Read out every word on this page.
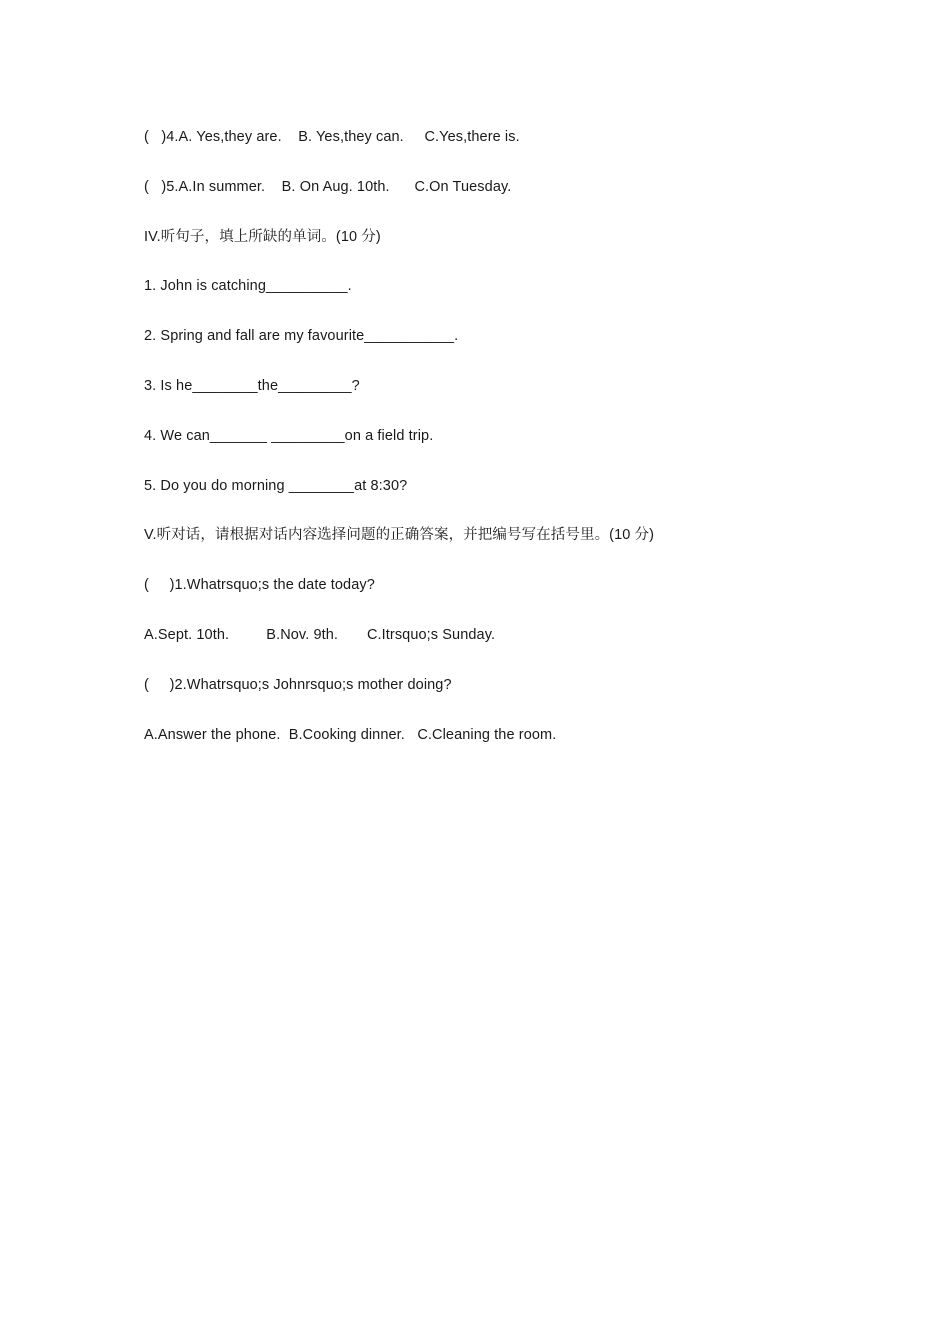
(   )4.A. Yes,they are.    B. Yes,they can.     C.Yes,there is.
(   )5.A.In summer.    B. On Aug. 10th.      C.On Tuesday.
IV.听句子，填上所缺的单词。(10 分)
1. John is catching__________.
2. Spring and fall are my favourite___________.
3. Is he________the_________?
4. We can_______ _________on a field trip.
5. Do you do morning ________at 8:30?
V.听对话，请根据对话内容选择问题的正确答案，并把编号写在括号里。(10 分)
(     )1.Whatrsquo;s the date today?
A.Sept. 10th.         B.Nov. 9th.       C.Itrsquo;s Sunday.
(     )2.Whatrsquo;s Johnrsquo;s mother doing?
A.Answer the phone.  B.Cooking dinner.   C.Cleaning the room.
